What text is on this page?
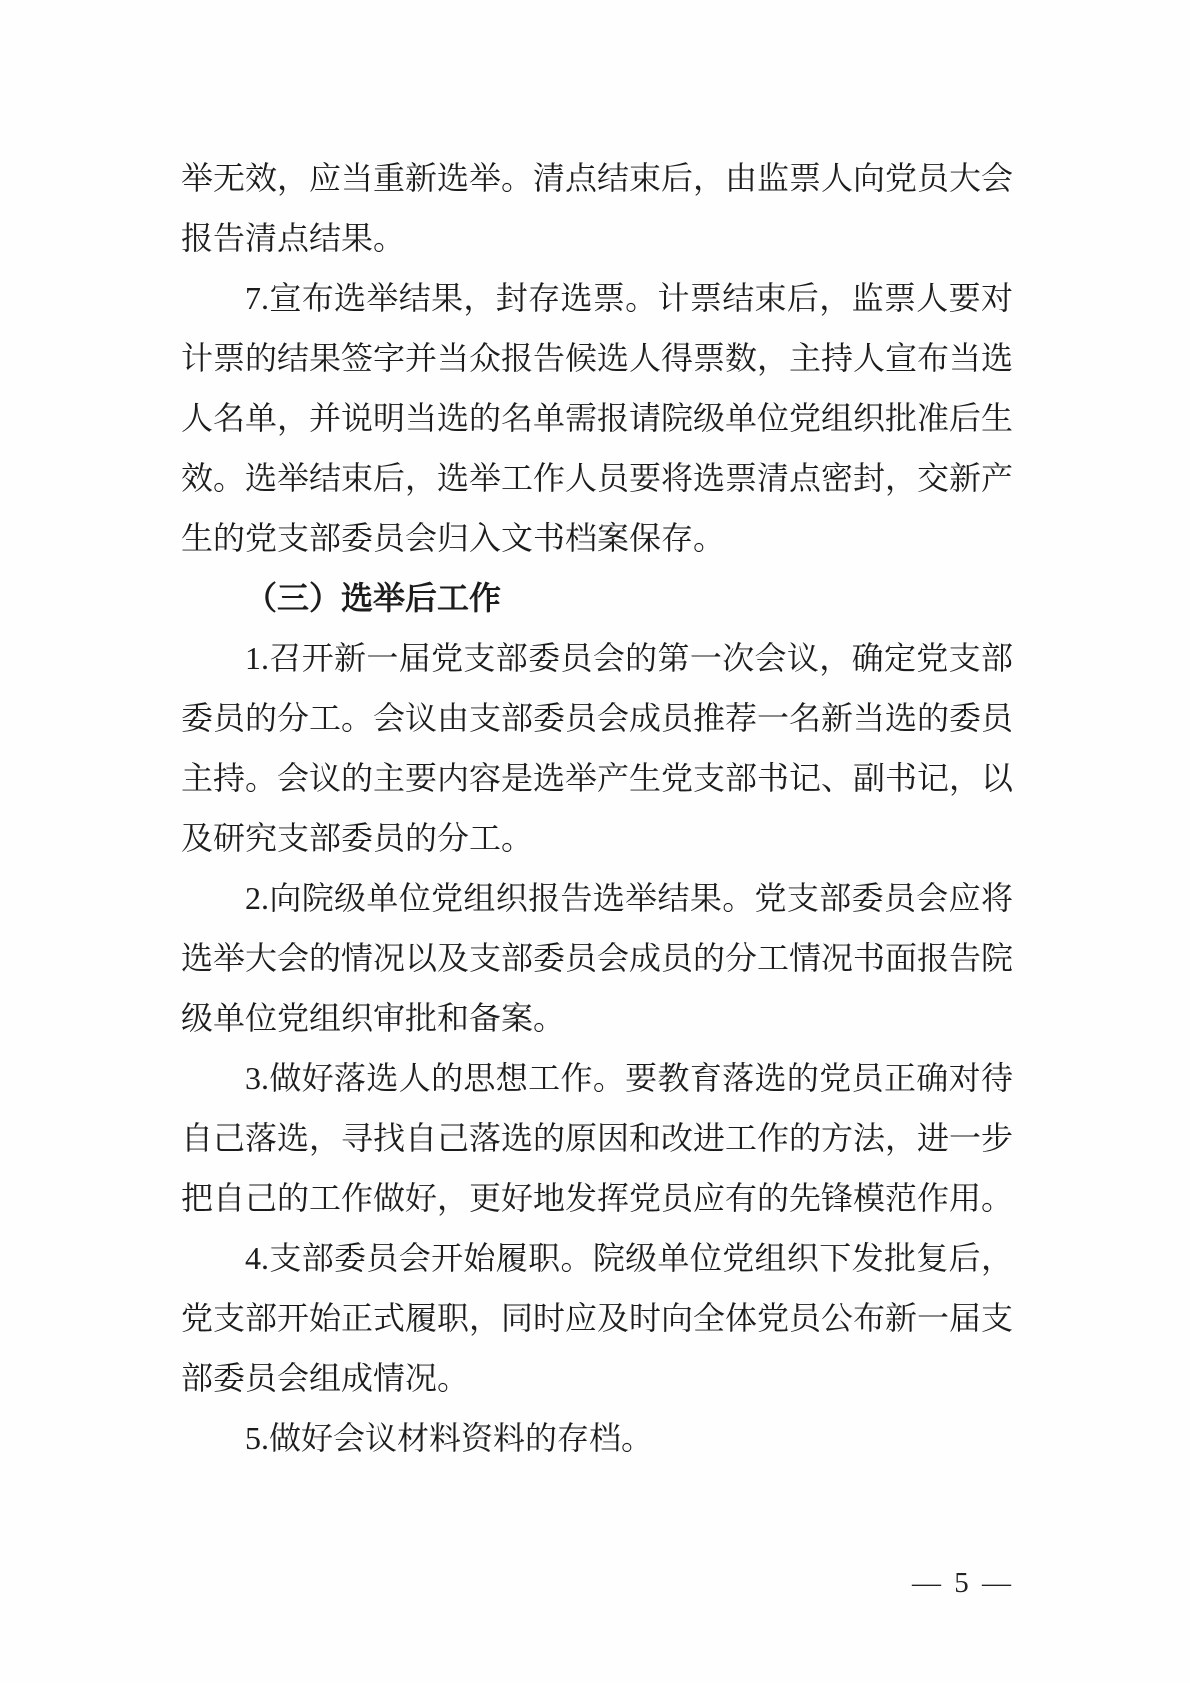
举无效，应当重新选举。清点结束后，由监票人向党员大会报告清点结果。

7.宣布选举结果，封存选票。计票结束后，监票人要对计票的结果签字并当众报告候选人得票数，主持人宣布当选人名单，并说明当选的名单需报请院级单位党组织批准后生效。选举结束后，选举工作人员要将选票清点密封，交新产生的党支部委员会归入文书档案保存。

（三）选举后工作

1.召开新一届党支部委员会的第一次会议，确定党支部委员的分工。会议由支部委员会成员推荐一名新当选的委员主持。会议的主要内容是选举产生党支部书记、副书记，以及研究支部委员的分工。

2.向院级单位党组织报告选举结果。党支部委员会应将选举大会的情况以及支部委员会成员的分工情况书面报告院级单位党组织审批和备案。

3.做好落选人的思想工作。要教育落选的党员正确对待自己落选，寻找自己落选的原因和改进工作的方法，进一步把自己的工作做好，更好地发挥党员应有的先锋模范作用。

4.支部委员会开始履职。院级单位党组织下发批复后，党支部开始正式履职，同时应及时向全体党员公布新一届支部委员会组成情况。

5.做好会议材料资料的存档。

— 5 —
